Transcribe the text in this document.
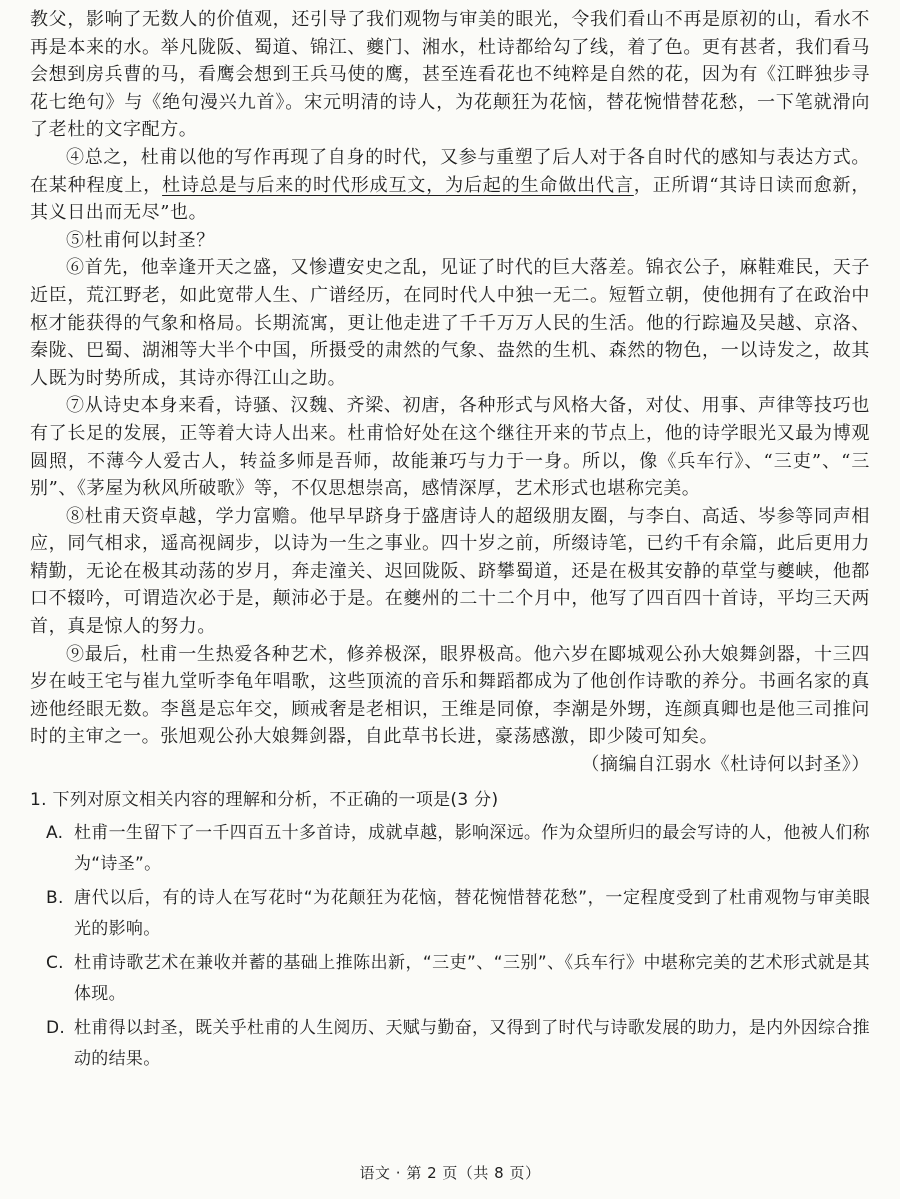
教父，影响了无数人的价值观，还引导了我们观物与审美的眼光，令我们看山不再是原初的山，看水不再是本来的水。举凡陇阪、蜀道、锦江、夔门、湘水，杜诗都给勾了线，着了色。更有甚者，我们看马会想到房兵曹的马，看鹰会想到王兵马使的鹰，甚至连看花也不纯粹是自然的花，因为有《江畔独步寻花七绝句》与《绝句漫兴九首》。宋元明清的诗人，为花颠狂为花恼，替花惋惜替花愁，一下笔就滑向了老杜的文字配方。

④总之，杜甫以他的写作再现了自身的时代，又参与重塑了后人对于各自时代的感知与表达方式。在某种程度上，杜诗总是与后来的时代形成互文，为后起的生命做出代言，正所谓“其诗日读而愈新，其义日出而无尽”也。

⑤杜甫何以封圣？

⑥首先，他幸逢开天之盛，又惨遭安史之乱，见证了时代的巨大落差。锦衣公子，麻鞋难民，天子近臣，荒江野老，如此宽带人生、广谱经历，在同时代人中独一无二。短暂立朝，使他拥有了在政治中枢才能获得的气象和格局。长期流寓，更让他走进了千千万万人民的生活。他的行踪遍及吴越、京洛、秦陇、巴蜀、湖湘等大半个中国，所摄受的肃然的气象、盎然的生机、森然的物色，一以诗发之，故其人既为时势所成，其诗亦得江山之助。

⑦从诗史本身来看，诗骚、汉魏、齐梁、初唐，各种形式与风格大备，对仗、用事、声律等技巧也有了长足的发展，正等着大诗人出来。杜甫恰好处在这个继往开来的节点上，他的诗学眼光又最为博观圆照，不薄今人爱古人，转益多师是吾师，故能兼巧与力于一身。所以，像《兵车行》、“三吏”、“三别”、《茅屋为秋风所破歌》等，不仅思想崇高，感情深厚，艺术形式也堪称完美。

⑧杜甫天资卓越，学力富赡。他早早跻身于盛唐诗人的超级朋友圈，与李白、高适、岑参等同声相应，同气相求，遥高视阔步，以诗为一生之事业。四十岁之前，所缀诗笔，已约千有余篇，此后更用力精勤，无论在极其动荡的岁月，奔走潼关、迟回陇阪、跻攀蜀道，还是在极其安静的草堂与夔峡，他都口不辍吟，可谓造次必于是，颠沛必于是。在夔州的二十二个月中，他写了四百四十首诗，平均三天两首，真是惊人的努力。

⑨最后，杜甫一生热爱各种艺术，修养极深，眼界极高。他六岁在郾城观公孙大娘舞剑器，十三四岁在岐王宅与崔九堂听李龟年唱歌，这些顶流的音乐和舞蹈都成为了他创作诗歌的养分。书画名家的真迹他经眼无数。李邕是忘年交，顾戒奢是老相识，王维是同僚，李潮是外甥，连颜真卿也是他三司推问时的主审之一。张旭观公孙大娘舞剑器，自此草书长进，豪荡感激，即少陵可知矣。

（摘编自江弱水《杜诗何以封圣》）

1. 下列对原文相关内容的理解和分析，不正确的一项是(3 分)

A. 杜甫一生留下了一千四百五十多首诗，成就卓越，影响深远。作为众望所归的最会写诗的人，他被人们称为“诗圣”。
B. 唐代以后，有的诗人在写花时“为花颠狂为花恼，替花惋惜替花愁”，一定程度受到了杜甫观物与审美眼光的影响。
C. 杜甫诗歌艺术在兼收并蓄的基础上推陈出新，“三吏”、“三别”、《兵车行》中堪称完美的艺术形式就是其体现。
D. 杜甫得以封圣，既关乎杜甫的人生阅历、天赋与勤奋，又得到了时代与诗歌发展的助力，是内外因综合推动的结果。
语文 · 第 2 页（共 8 页）
